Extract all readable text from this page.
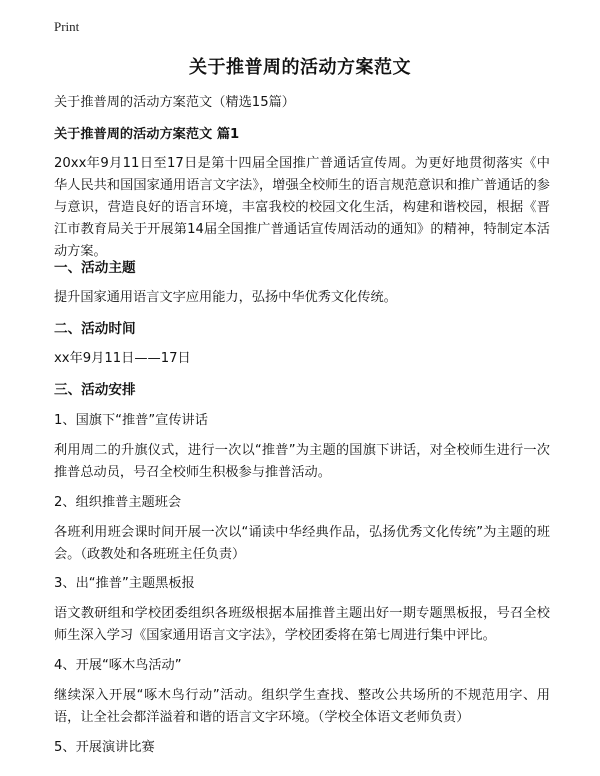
Print
关于推普周的活动方案范文
关于推普周的活动方案范文（精选15篇）
关于推普周的活动方案范文 篇1
20xx年9月11日至17日是第十四届全国推广普通话宣传周。为更好地贯彻落实《中华人民共和国国家通用语言文字法》，增强全校师生的语言规范意识和推广普通话的参与意识，营造良好的语言环境，丰富我校的校园文化生活，构建和谐校园，根据《晋江市教育局关于开展第14届全国推广普通话宣传周活动的通知》的精神，特制定本活动方案。
一、活动主题
提升国家通用语言文字应用能力，弘扬中华优秀文化传统。
二、活动时间
xx年9月11日——17日
三、活动安排
1、国旗下“推普”宣传讲话
利用周二的升旗仪式，进行一次以“推普”为主题的国旗下讲话，对全校师生进行一次推普总动员，号召全校师生积极参与推普活动。
2、组织推普主题班会
各班利用班会课时间开展一次以“诵读中华经典作品，弘扬优秀文化传统”为主题的班会。（政教处和各班班主任负责）
3、出“推普”主题黑板报
语文教研组和学校团委组织各班级根据本届推普主题出好一期专题黑板报，号召全校师生深入学习《国家通用语言文字法》，学校团委将在第七周进行集中评比。
4、开展“啄木鸟活动”
继续深入开展“啄木鸟行动”活动。组织学生查找、整改公共场所的不规范用字、用语，让全社会都洋溢着和谐的语言文字环境。（学校全体语文老师负责）
5、开展演讲比赛
